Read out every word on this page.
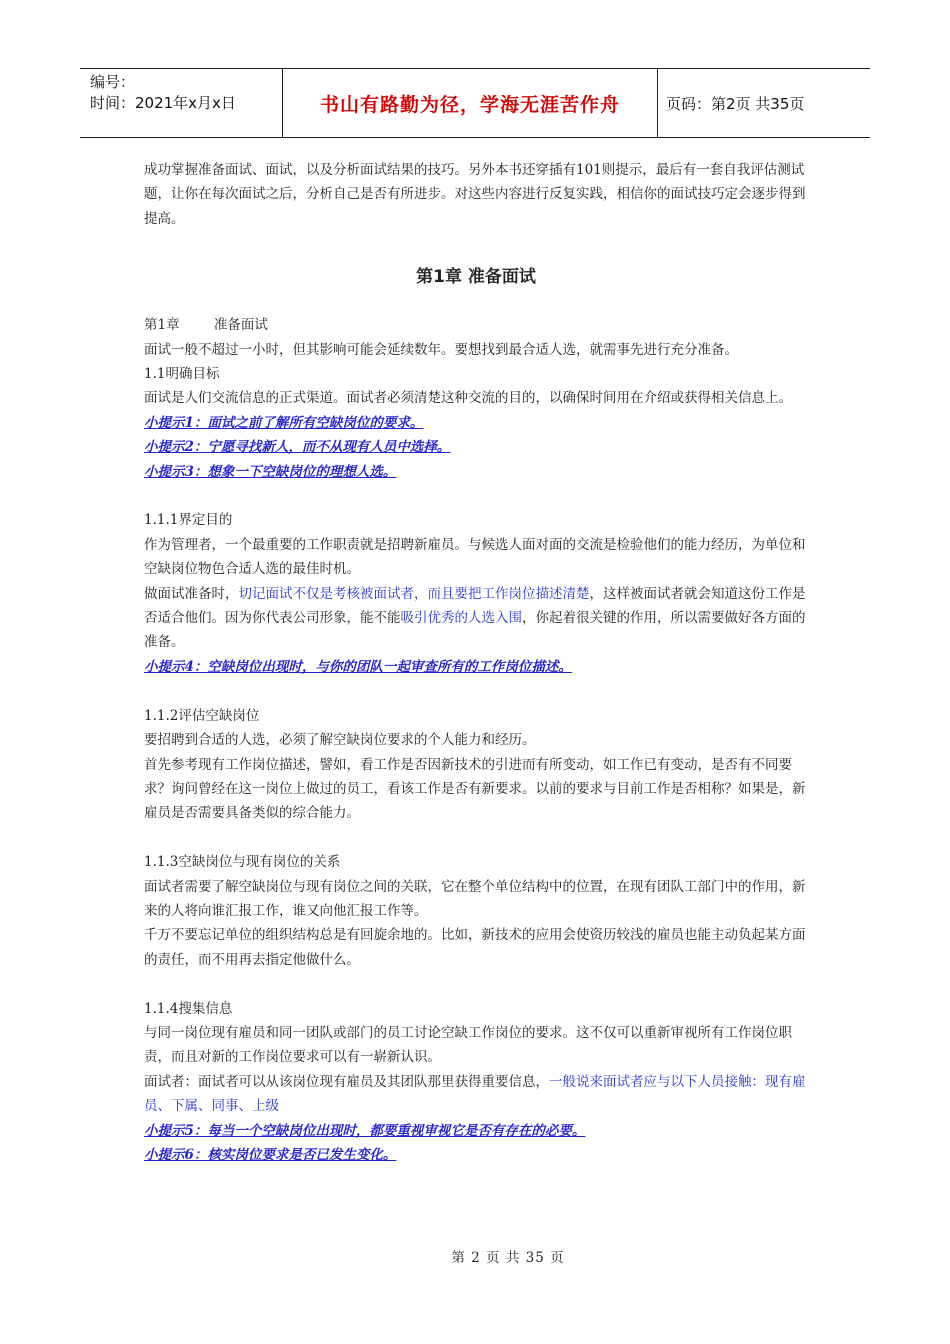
编号：
时间：2021年x月x日	书山有路勤为径，学海无涯苦作舟	页码：第2页 共35页

成功掌握准备面试、面试，以及分析面试结果的技巧。另外本书还穿插有101则提示，最后有一套自我评估测试题，让你在每次面试之后，分析自己是否有所进步。对这些内容进行反复实践，相信你的面试技巧定会逐步得到提高。

第1章 准备面试

第1章        准备面试

面试一般不超过一小时，但其影响可能会延续数年。要想找到最合适人选，就需事先进行充分准备。

1.1明确目标

面试是人们交流信息的正式渠道。面试者必须清楚这种交流的目的，以确保时间用在介绍或获得相关信息上。

小提示1：面试之前了解所有空缺岗位的要求。

小提示2：宁愿寻找新人，而不从现有人员中选择。

小提示3：想象一下空缺岗位的理想人选。

1.1.1界定目的

作为管理者，一个最重要的工作职责就是招聘新雇员。与候选人面对面的交流是检验他们的能力经历，为单位和空缺岗位物色合适人选的最佳时机。

做面试准备时，切记面试不仅是考核被面试者，而且要把工作岗位描述清楚，这样被面试者就会知道这份工作是否适合他们。因为你代表公司形象，能不能吸引优秀的人选入围，你起着很关键的作用，所以需要做好各方面的准备。

小提示4：空缺岗位出现时，与你的团队一起审查所有的工作岗位描述。

1.1.2评估空缺岗位

要招聘到合适的人选，必须了解空缺岗位要求的个人能力和经历。

首先参考现有工作岗位描述，譬如，看工作是否因新技术的引进而有所变动，如工作已有变动，是否有不同要求？询问曾经在这一岗位上做过的员工，看该工作是否有新要求。以前的要求与目前工作是否相称？如果是，新雇员是否需要具备类似的综合能力。

1.1.3空缺岗位与现有岗位的关系

面试者需要了解空缺岗位与现有岗位之间的关联，它在整个单位结构中的位置，在现有团队工部门中的作用，新来的人将向谁汇报工作，谁又向他汇报工作等。

千万不要忘记单位的组织结构总是有回旋余地的。比如，新技术的应用会使资历较浅的雇员也能主动负起某方面的责任，而不用再去指定他做什么。

1.1.4搜集信息

与同一岗位现有雇员和同一团队或部门的员工讨论空缺工作岗位的要求。这不仅可以重新审视所有工作岗位职责，而且对新的工作岗位要求可以有一崭新认识。

面试者：面试者可以从该岗位现有雇员及其团队那里获得重要信息，一般说来面试者应与以下人员接触：现有雇员、下属、同事、上级

小提示5：每当一个空缺岗位出现时，都要重视审视它是否有存在的必要。

小提示6：核实岗位要求是否已发生变化。

第 2 页 共 35 页
